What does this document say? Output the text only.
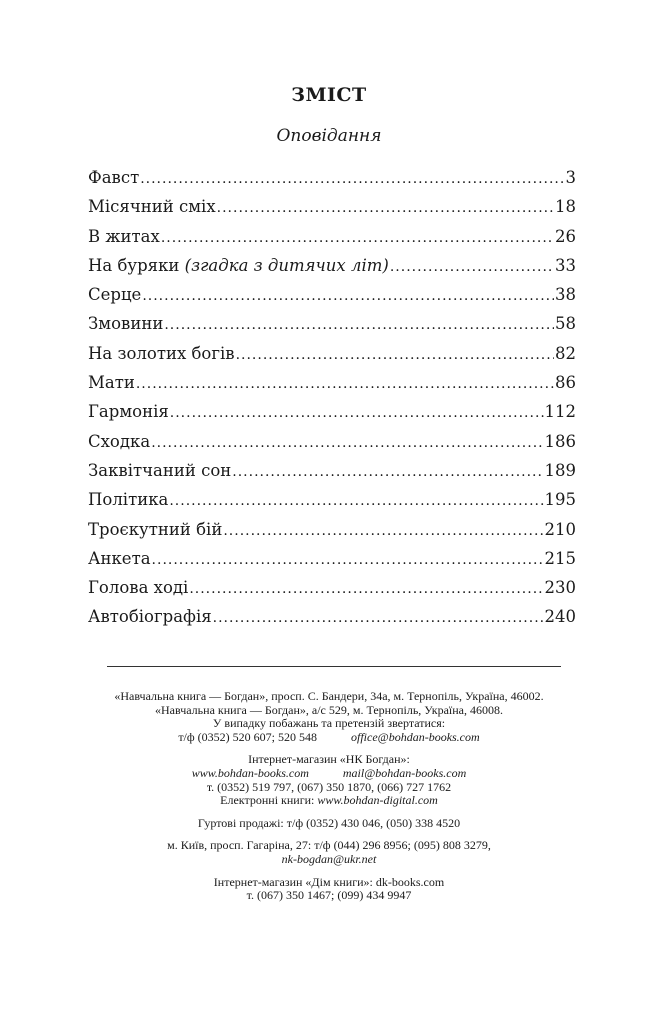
ЗМІСТ
Оповідання
Фавст .....	3
Місячний сміх .....	18
В житах .....	26
На буряки (згадка з дитячих літ) .....	33
Серце .....	38
Змовини .....	58
На золотих богів .....	82
Мати .....	86
Гармонія .....	112
Сходка .....	186
Заквітчаний сон .....	189
Політика .....	195
Троєкутний бій .....	210
Анкета .....	215
Голова ході .....	230
Автобіографія .....	240
«Навчальна книга — Богдан», просп. С. Бандери, 34а, м. Тернопіль, Україна, 46002.
«Навчальна книга — Богдан», а/с 529, м. Тернопіль, Україна, 46008.
У випадку побажань та претензій звертатися:
т/ф (0352) 520 607; 520 548	office@bohdan-books.com
Інтернет-магазин «НК Богдан»:
www.bohdan-books.com	mail@bohdan-books.com
т. (0352) 519 797, (067) 350 1870, (066) 727 1762
Електронні книги: www.bohdan-digital.com
Гуртові продажі: т/ф (0352) 430 046, (050) 338 4520
м. Київ, просп. Гагаріна, 27: т/ф (044) 296 8956; (095) 808 3279,
nk-bogdan@ukr.net
Інтернет-магазин «Дім книги»: dk-books.com
т. (067) 350 1467; (099) 434 9947
